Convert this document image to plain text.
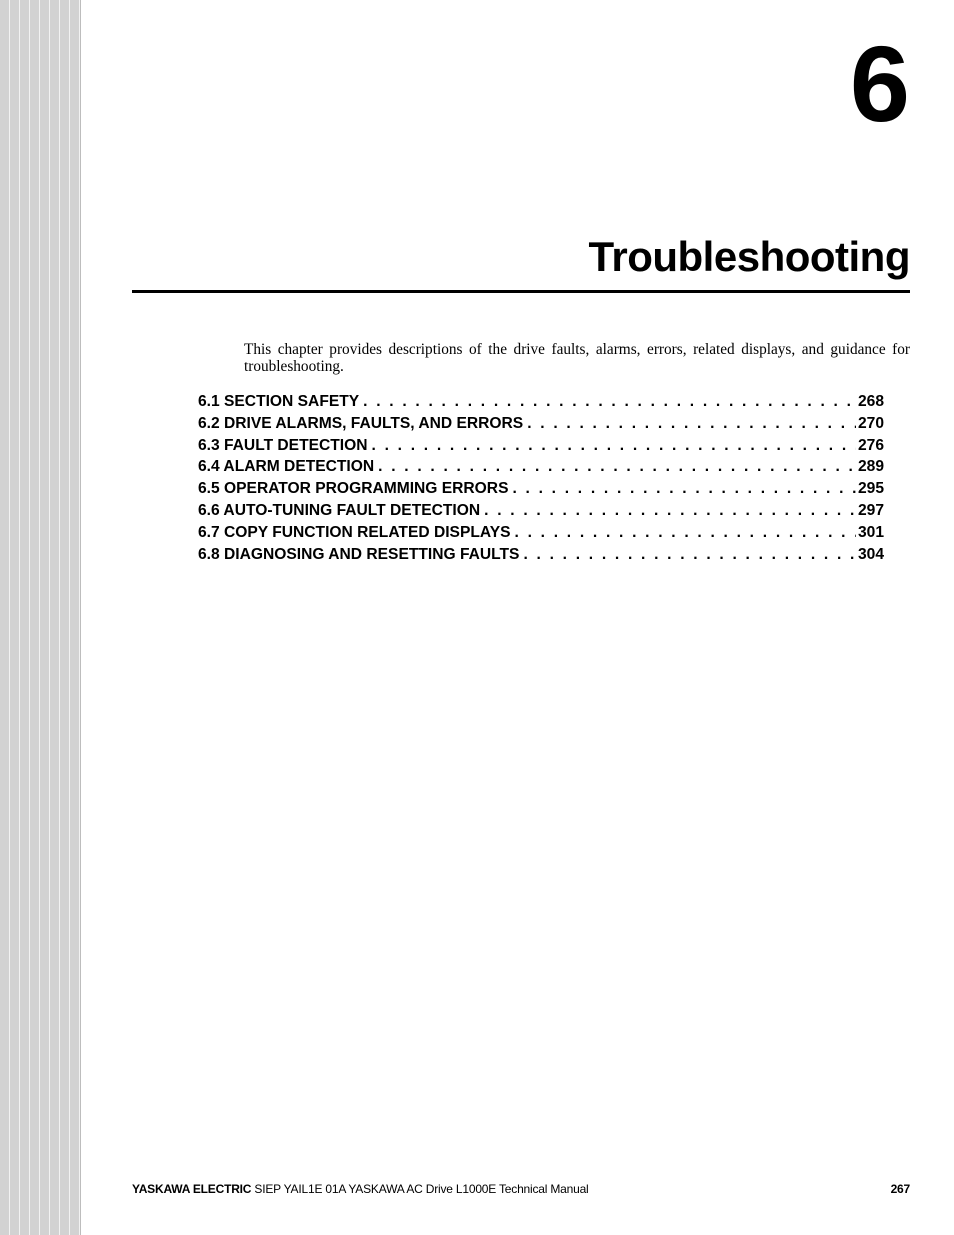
6
Troubleshooting

This chapter provides descriptions of the drive faults, alarms, errors, related displays, and guidance for troubleshooting.

6.1 SECTION SAFETY . . .	268
6.2 DRIVE ALARMS, FAULTS, AND ERRORS . . .	270
6.3 FAULT DETECTION . . .	276
6.4 ALARM DETECTION . . .	289
6.5 OPERATOR PROGRAMMING ERRORS . . .	295
6.6 AUTO-TUNING FAULT DETECTION . . .	297
6.7 COPY FUNCTION RELATED DISPLAYS . . .	301
6.8 DIAGNOSING AND RESETTING FAULTS . . .	304
YASKAWA ELECTRIC SIEP YAIL1E 01A YASKAWA AC Drive L1000E Technical Manual	267
